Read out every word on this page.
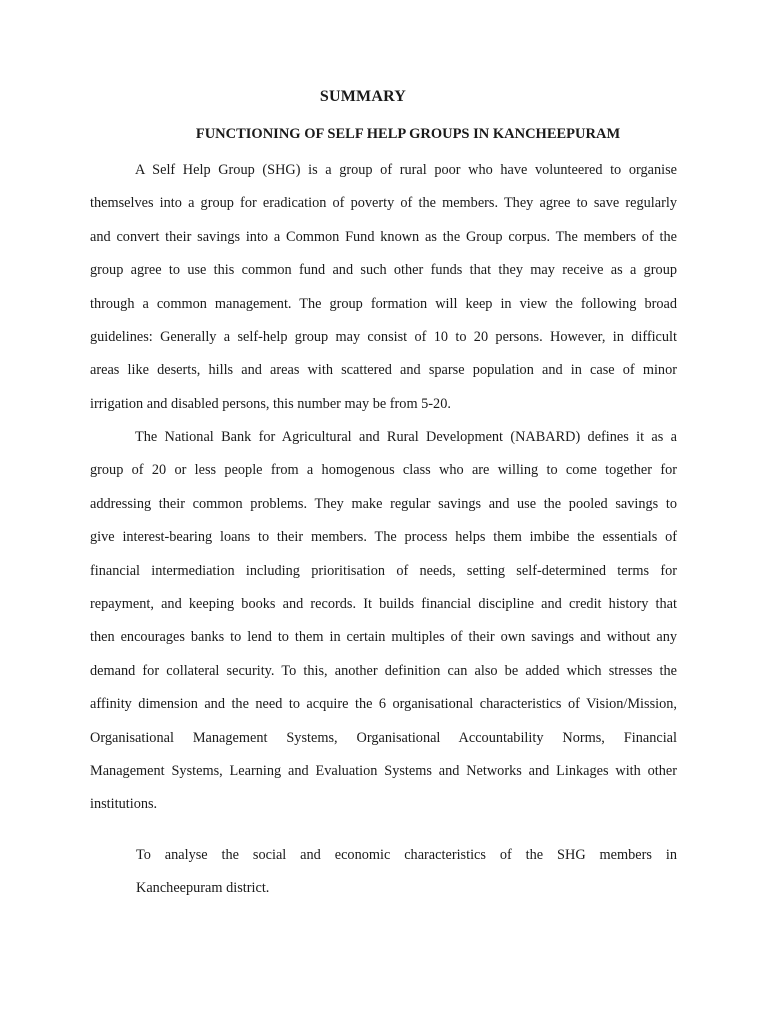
SUMMARY
FUNCTIONING OF SELF HELP GROUPS IN KANCHEEPURAM
A Self Help Group (SHG) is a group of rural poor who have volunteered to organise
themselves into a group for eradication of poverty of the members. They agree to save regularly
and convert their savings into a Common Fund known as the Group corpus. The members of the
group agree to use this common fund and such other funds that they may receive as a group
through a common management. The group formation will keep in view the following broad
guidelines: Generally a self-help group may consist of 10 to 20 persons. However, in difficult
areas like deserts, hills and areas with scattered and sparse population and in case of minor
irrigation and disabled persons, this number may be from 5-20.
The National Bank for Agricultural and Rural Development (NABARD) defines it as a
group of 20 or less people from a homogenous class who are willing to come together for
addressing their common problems. They make regular savings and use the pooled savings to
give interest-bearing loans to their members. The process helps them imbibe the essentials of
financial intermediation including prioritisation of needs, setting self-determined terms for
repayment, and keeping books and records. It builds financial discipline and credit history that
then encourages banks to lend to them in certain multiples of their own savings and without any
demand for collateral security. To this, another definition can also be added which stresses the
affinity dimension and the need to acquire the 6 organisational characteristics of Vision/Mission,
Organisational Management Systems, Organisational Accountability Norms, Financial
Management Systems, Learning and Evaluation Systems and Networks and Linkages with other
institutions.
To analyse the social and economic characteristics of the SHG members in
Kancheepuram district.
